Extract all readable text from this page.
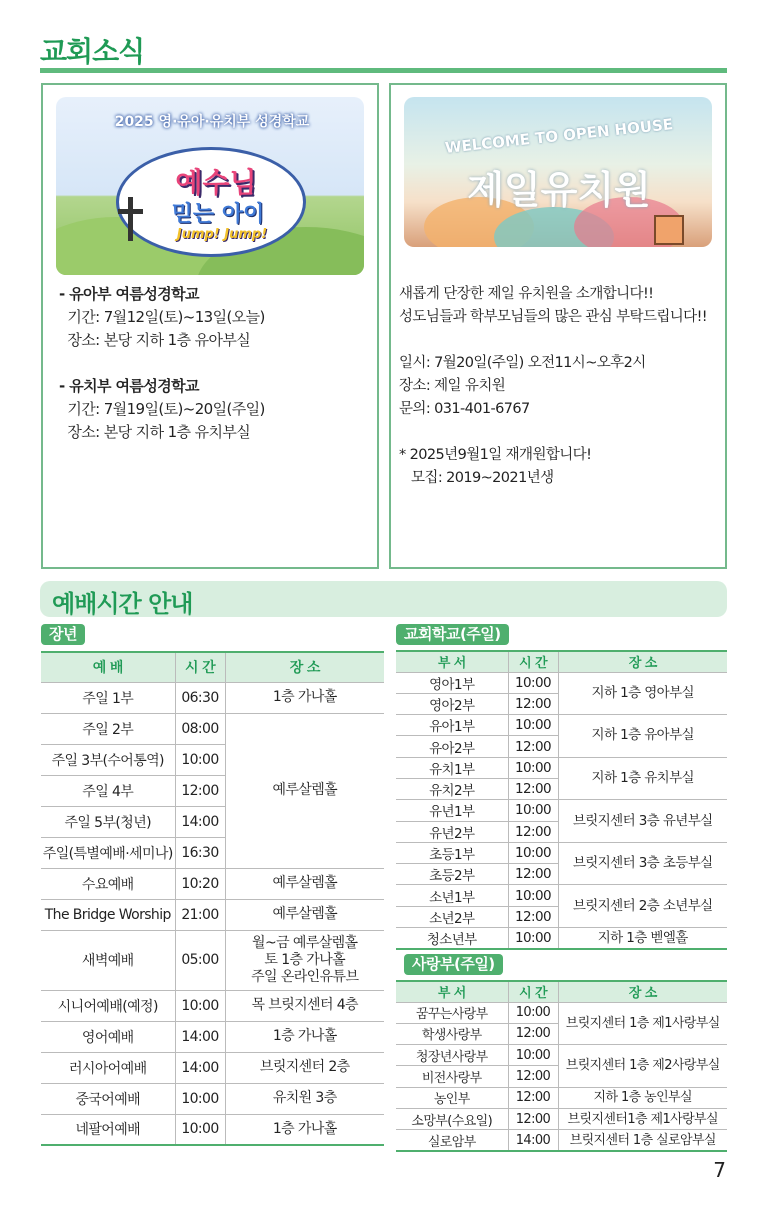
교회소식
2025 영·유아·유치부 성경학교
예수님
믿는 아이
Jump! Jump!
- 유아부 여름성경학교
기간: 7월12일(토)~13일(오늘)
장소: 본당 지하 1층 유아부실

- 유치부 여름성경학교
기간: 7월19일(토)~20일(주일)
장소: 본당 지하 1층 유치부실
WELCOME TO OPEN HOUSE
제일유치원
새롭게 단장한 제일 유치원을 소개합니다!!
성도님들과 학부모님들의 많은 관심 부탁드립니다!!

일시: 7월20일(주일) 오전11시~오후2시
장소: 제일 유치원
문의: 031-401-6767

* 2025년9월1일 재개원합니다!
모집: 2019~2021년생
예배시간 안내
장년	교회학교(주일)
사랑부(주일)
예 배	시 간	장 소
주일 1부	06:30	1층 가나홀
주일 2부	08:00	예루살렘홀
주일 3부(수어통역)	10:00	
주일 4부	12:00	
주일 5부(청년)	14:00	
주일(특별예배·세미나)	16:30	
수요예배	10:20	예루살렘홀
The Bridge Worship	21:00	예루살렘홀
새벽예배	05:00	월~금 예루살렘홀
토 1층 가나홀
주일 온라인유튜브
시니어예배(예정)	10:00	목 브릿지센터 4층
영어예배	14:00	1층 가나홀
러시아어예배	14:00	브릿지센터 2층
중국어예배	10:00	유치원 3층
네팔어예배	10:00	1층 가나홀
부 서	시 간	장 소
영아1부	10:00	지하 1층 영아부실
영아2부	12:00	
유아1부	10:00	지하 1층 유아부실
유아2부	12:00	
유치1부	10:00	지하 1층 유치부실
유치2부	12:00	
유년1부	10:00	브릿지센터 3층 유년부실
유년2부	12:00	
초등1부	10:00	브릿지센터 3층 초등부실
초등2부	12:00	
소년1부	10:00	브릿지센터 2층 소년부실
소년2부	12:00	
청소년부	10:00	지하 1층 벧엘홀
부 서	시 간	장 소
꿈꾸는사랑부	10:00	브릿지센터 1층 제1사랑부실
학생사랑부	12:00	
청장년사랑부	10:00	브릿지센터 1층 제2사랑부실
비전사랑부	12:00	
농인부	12:00	지하 1층 농인부실
소망부(수요일)	12:00	브릿지센터1층 제1사랑부실
실로암부	14:00	브릿지센터 1층 실로암부실
7
